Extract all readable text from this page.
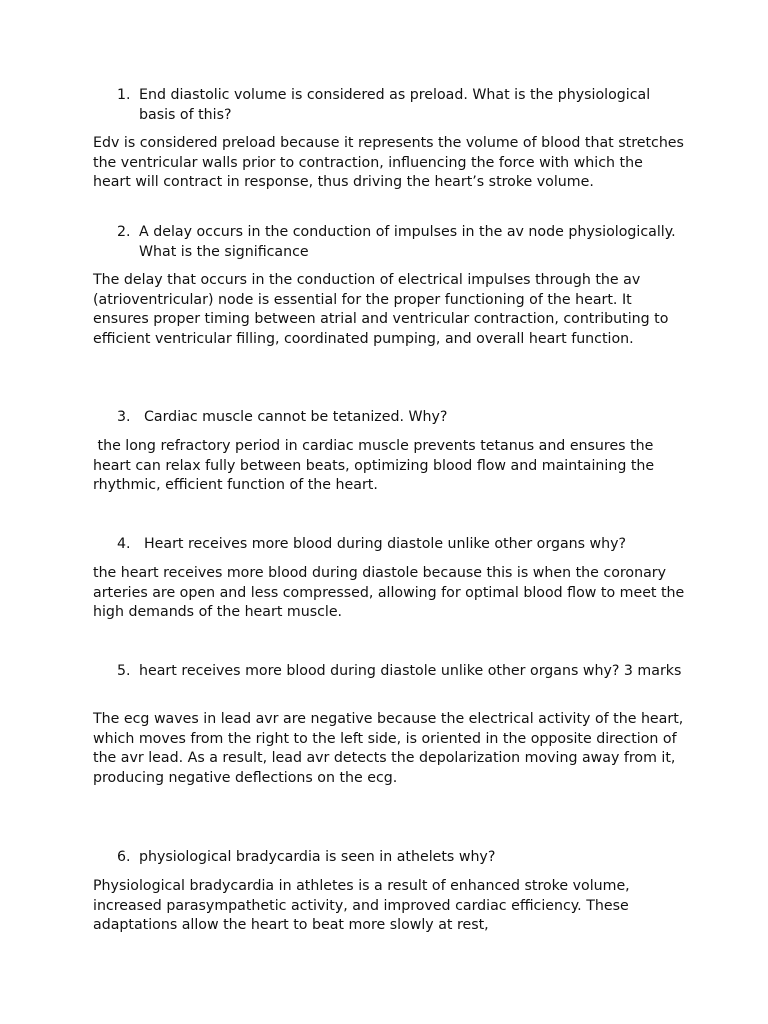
1. End diastolic volume is considered as preload. What is the physiological basis of this?

Edv is considered preload because it represents the volume of blood that stretches the ventricular walls prior to contraction, influencing the force with which the heart will contract in response, thus driving the heart’s stroke volume.

2. A delay occurs in the conduction of impulses in the av node physiologically. What is the significance

The delay that occurs in the conduction of electrical impulses through the av (atrioventricular) node is essential for the proper functioning of the heart. It ensures proper timing between atrial and ventricular contraction, contributing to efficient ventricular filling, coordinated pumping, and overall heart function.

3. Cardiac muscle cannot be tetanized. Why?

the long refractory period in cardiac muscle prevents tetanus and ensures the heart can relax fully between beats, optimizing blood flow and maintaining the rhythmic, efficient function of the heart.

4. Heart receives more blood during diastole unlike other organs why?

the heart receives more blood during diastole because this is when the coronary arteries are open and less compressed, allowing for optimal blood flow to meet the high demands of the heart muscle.

5. heart receives more blood during diastole unlike other organs why? 3 marks

The ecg waves in lead avr are negative because the electrical activity of the heart, which moves from the right to the left side, is oriented in the opposite direction of the avr lead. As a result, lead avr detects the depolarization moving away from it, producing negative deflections on the ecg.

6. physiological bradycardia is seen in athelets why?

Physiological bradycardia in athletes is a result of enhanced stroke volume, increased parasympathetic activity, and improved cardiac efficiency. These adaptations allow the heart to beat more slowly at rest,
